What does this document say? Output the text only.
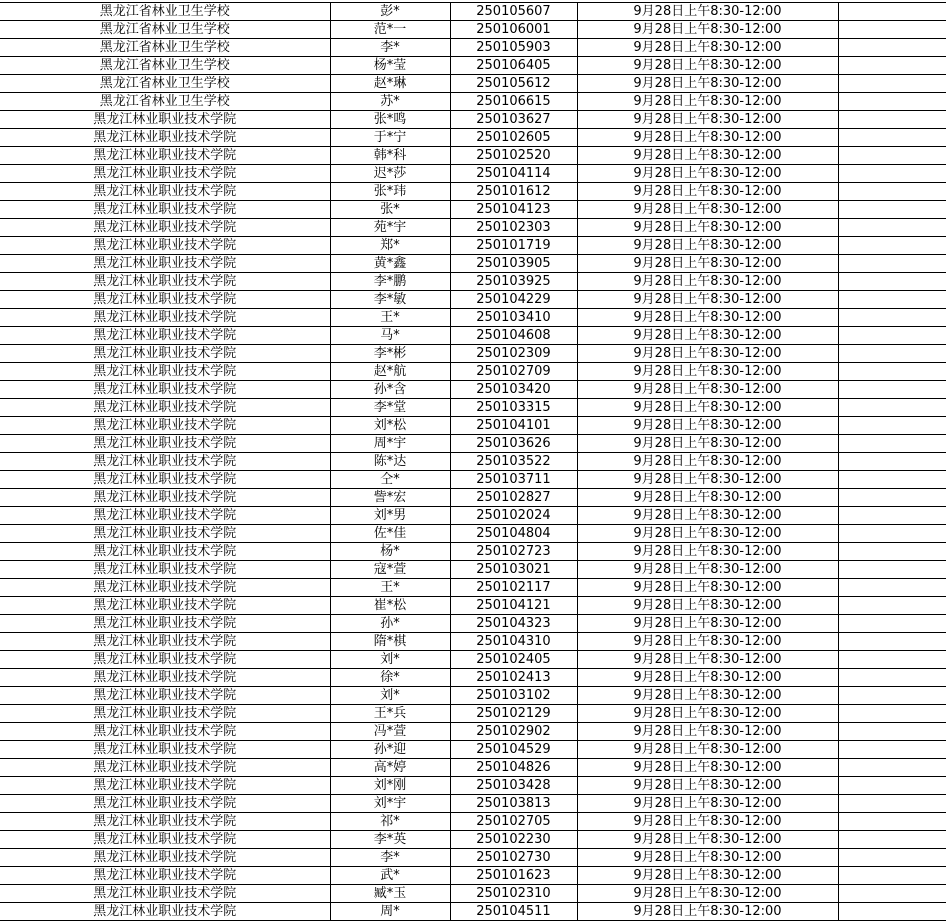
黑龙江省林业卫生学校	彭*	250105607	9月28日上午8:30-12:00	
黑龙江省林业卫生学校	范*一	250106001	9月28日上午8:30-12:00	
黑龙江省林业卫生学校	李*	250105903	9月28日上午8:30-12:00	
黑龙江省林业卫生学校	杨*莹	250106405	9月28日上午8:30-12:00	
黑龙江省林业卫生学校	赵*琳	250105612	9月28日上午8:30-12:00	
黑龙江省林业卫生学校	苏*	250106615	9月28日上午8:30-12:00	
黑龙江林业职业技术学院	张*鸣	250103627	9月28日上午8:30-12:00	
黑龙江林业职业技术学院	于*宁	250102605	9月28日上午8:30-12:00	
黑龙江林业职业技术学院	韩*科	250102520	9月28日上午8:30-12:00	
黑龙江林业职业技术学院	迟*莎	250104114	9月28日上午8:30-12:00	
黑龙江林业职业技术学院	张*玮	250101612	9月28日上午8:30-12:00	
黑龙江林业职业技术学院	张*	250104123	9月28日上午8:30-12:00	
黑龙江林业职业技术学院	苑*宇	250102303	9月28日上午8:30-12:00	
黑龙江林业职业技术学院	郑*	250101719	9月28日上午8:30-12:00	
黑龙江林业职业技术学院	黄*鑫	250103905	9月28日上午8:30-12:00	
黑龙江林业职业技术学院	李*鹏	250103925	9月28日上午8:30-12:00	
黑龙江林业职业技术学院	李*敏	250104229	9月28日上午8:30-12:00	
黑龙江林业职业技术学院	王*	250103410	9月28日上午8:30-12:00	
黑龙江林业职业技术学院	马*	250104608	9月28日上午8:30-12:00	
黑龙江林业职业技术学院	李*彬	250102309	9月28日上午8:30-12:00	
黑龙江林业职业技术学院	赵*航	250102709	9月28日上午8:30-12:00	
黑龙江林业职业技术学院	孙*含	250103420	9月28日上午8:30-12:00	
黑龙江林业职业技术学院	李*堂	250103315	9月28日上午8:30-12:00	
黑龙江林业职业技术学院	刘*松	250104101	9月28日上午8:30-12:00	
黑龙江林业职业技术学院	周*宇	250103626	9月28日上午8:30-12:00	
黑龙江林业职业技术学院	陈*达	250103522	9月28日上午8:30-12:00	
黑龙江林业职业技术学院	仝*	250103711	9月28日上午8:30-12:00	
黑龙江林业职业技术学院	訾*宏	250102827	9月28日上午8:30-12:00	
黑龙江林业职业技术学院	刘*男	250102024	9月28日上午8:30-12:00	
黑龙江林业职业技术学院	佐*佳	250104804	9月28日上午8:30-12:00	
黑龙江林业职业技术学院	杨*	250102723	9月28日上午8:30-12:00	
黑龙江林业职业技术学院	寇*萱	250103021	9月28日上午8:30-12:00	
黑龙江林业职业技术学院	王*	250102117	9月28日上午8:30-12:00	
黑龙江林业职业技术学院	崔*松	250104121	9月28日上午8:30-12:00	
黑龙江林业职业技术学院	孙*	250104323	9月28日上午8:30-12:00	
黑龙江林业职业技术学院	隋*棋	250104310	9月28日上午8:30-12:00	
黑龙江林业职业技术学院	刘*	250102405	9月28日上午8:30-12:00	
黑龙江林业职业技术学院	徐*	250102413	9月28日上午8:30-12:00	
黑龙江林业职业技术学院	刘*	250103102	9月28日上午8:30-12:00	
黑龙江林业职业技术学院	王*兵	250102129	9月28日上午8:30-12:00	
黑龙江林业职业技术学院	冯*萱	250102902	9月28日上午8:30-12:00	
黑龙江林业职业技术学院	孙*迎	250104529	9月28日上午8:30-12:00	
黑龙江林业职业技术学院	高*婷	250104826	9月28日上午8:30-12:00	
黑龙江林业职业技术学院	刘*刚	250103428	9月28日上午8:30-12:00	
黑龙江林业职业技术学院	刘*宇	250103813	9月28日上午8:30-12:00	
黑龙江林业职业技术学院	祁*	250102705	9月28日上午8:30-12:00	
黑龙江林业职业技术学院	李*英	250102230	9月28日上午8:30-12:00	
黑龙江林业职业技术学院	李*	250102730	9月28日上午8:30-12:00	
黑龙江林业职业技术学院	武*	250101623	9月28日上午8:30-12:00	
黑龙江林业职业技术学院	臧*玉	250102310	9月28日上午8:30-12:00	
黑龙江林业职业技术学院	周*	250104511	9月28日上午8:30-12:00	
